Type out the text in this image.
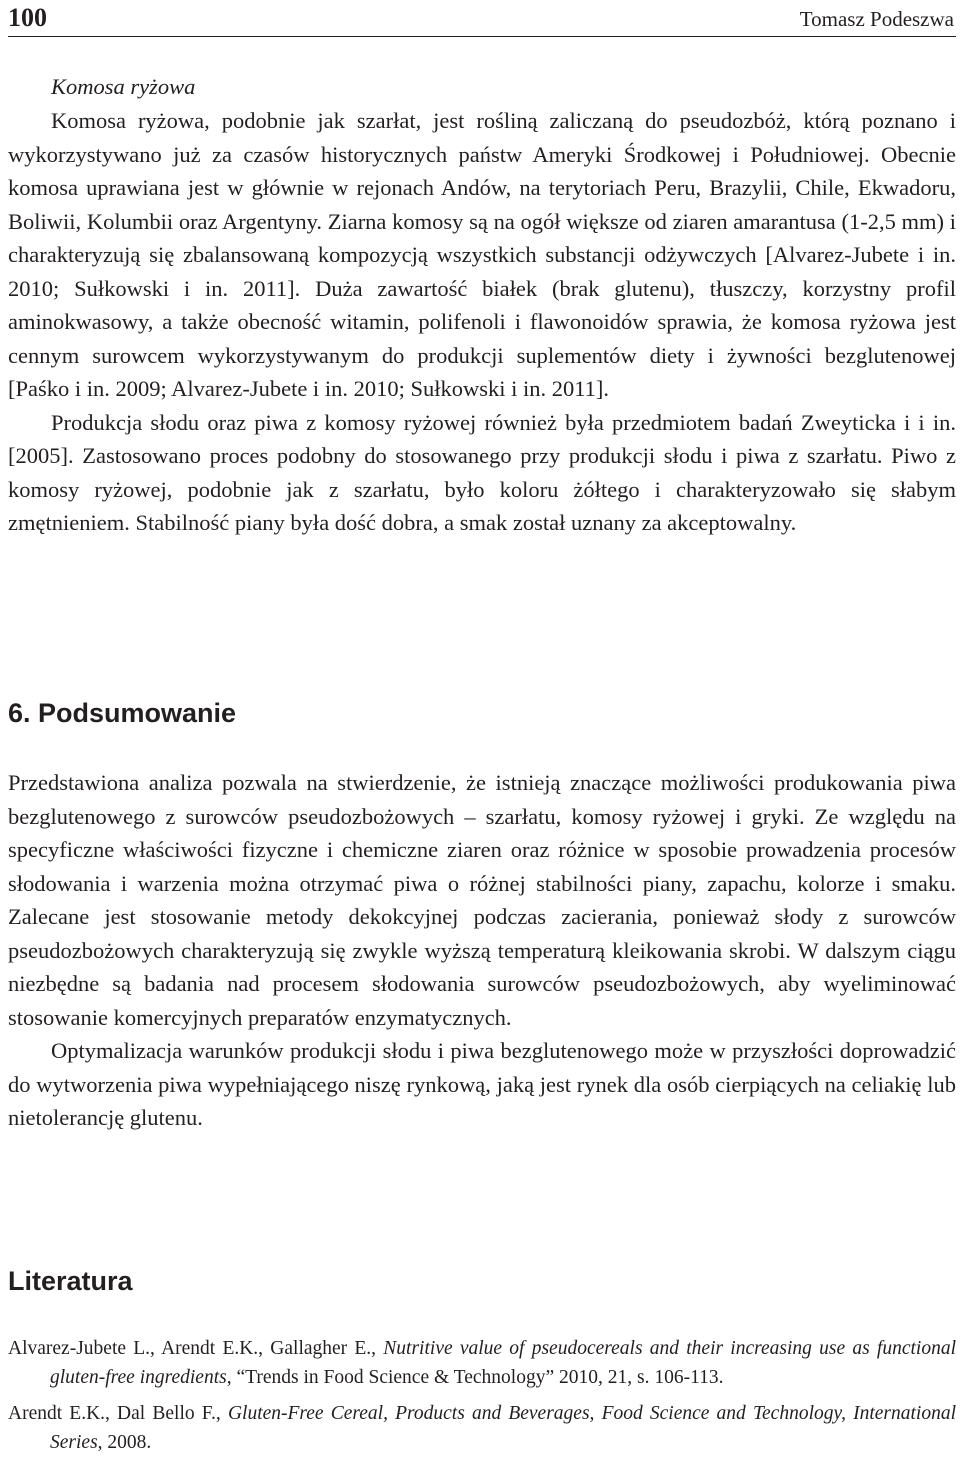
100	Tomasz Podeszwa

Komosa ryżowa

Komosa ryżowa, podobnie jak szarłat, jest rośliną zaliczaną do pseudozbóż, którą poznano i wykorzystywano już za czasów historycznych państw Ameryki Środkowej i Południowej. Obecnie komosa uprawiana jest w głównie w rejonach Andów, na terytoriach Peru, Brazylii, Chile, Ekwadoru, Boliwii, Kolumbii oraz Argentyny. Ziarna komosy są na ogół większe od ziaren amarantusa (1-2,5 mm) i charakteryzują się zbalansowaną kompozycją wszystkich substancji odżywczych [Alvarez-Jubete i in. 2010; Sułkowski i in. 2011]. Duża zawartość białek (brak glutenu), tłuszczy, korzystny profil aminokwasowy, a także obecność witamin, polifenoli i flawonoidów sprawia, że komosa ryżowa jest cennym surowcem wykorzystywanym do produkcji suplementów diety i żywności bezglutenowej [Paśko i in. 2009; Alvarez-Jubete i in. 2010; Sułkowski i in. 2011].
Produkcja słodu oraz piwa z komosy ryżowej również była przedmiotem badań Zweyticka i i in. [2005]. Zastosowano proces podobny do stosowanego przy produkcji słodu i piwa z szarłatu. Piwo z komosy ryżowej, podobnie jak z szarłatu, było koloru żółtego i charakteryzowało się słabym zmętnieniem. Stabilność piany była dość dobra, a smak został uznany za akceptowalny.
6. Podsumowanie
Przedstawiona analiza pozwala na stwierdzenie, że istnieją znaczące możliwości produkowania piwa bezglutenowego z surowców pseudozbożowych – szarłatu, komosy ryżowej i gryki. Ze względu na specyficzne właściwości fizyczne i chemiczne ziaren oraz różnice w sposobie prowadzenia procesów słodowania i warzenia można otrzymać piwa o różnej stabilności piany, zapachu, kolorze i smaku. Zalecane jest stosowanie metody dekokcyjnej podczas zacierania, ponieważ słody z surowców pseudozbożowych charakteryzują się zwykle wyższą temperaturą kleikowania skrobi. W dalszym ciągu niezbędne są badania nad procesem słodowania surowców pseudozbożowych, aby wyeliminować stosowanie komercyjnych preparatów enzymatycznych.
Optymalizacja warunków produkcji słodu i piwa bezglutenowego może w przyszłości doprowadzić do wytworzenia piwa wypełniającego niszę rynkową, jaką jest rynek dla osób cierpiących na celiakię lub nietolerancję glutenu.
Literatura
Alvarez-Jubete L., Arendt E.K., Gallagher E., Nutritive value of pseudocereals and their increasing use as functional gluten-free ingredients, “Trends in Food Science & Technology” 2010, 21, s. 106-113.
Arendt E.K., Dal Bello F., Gluten-Free Cereal, Products and Beverages, Food Science and Technology, International Series, 2008.
